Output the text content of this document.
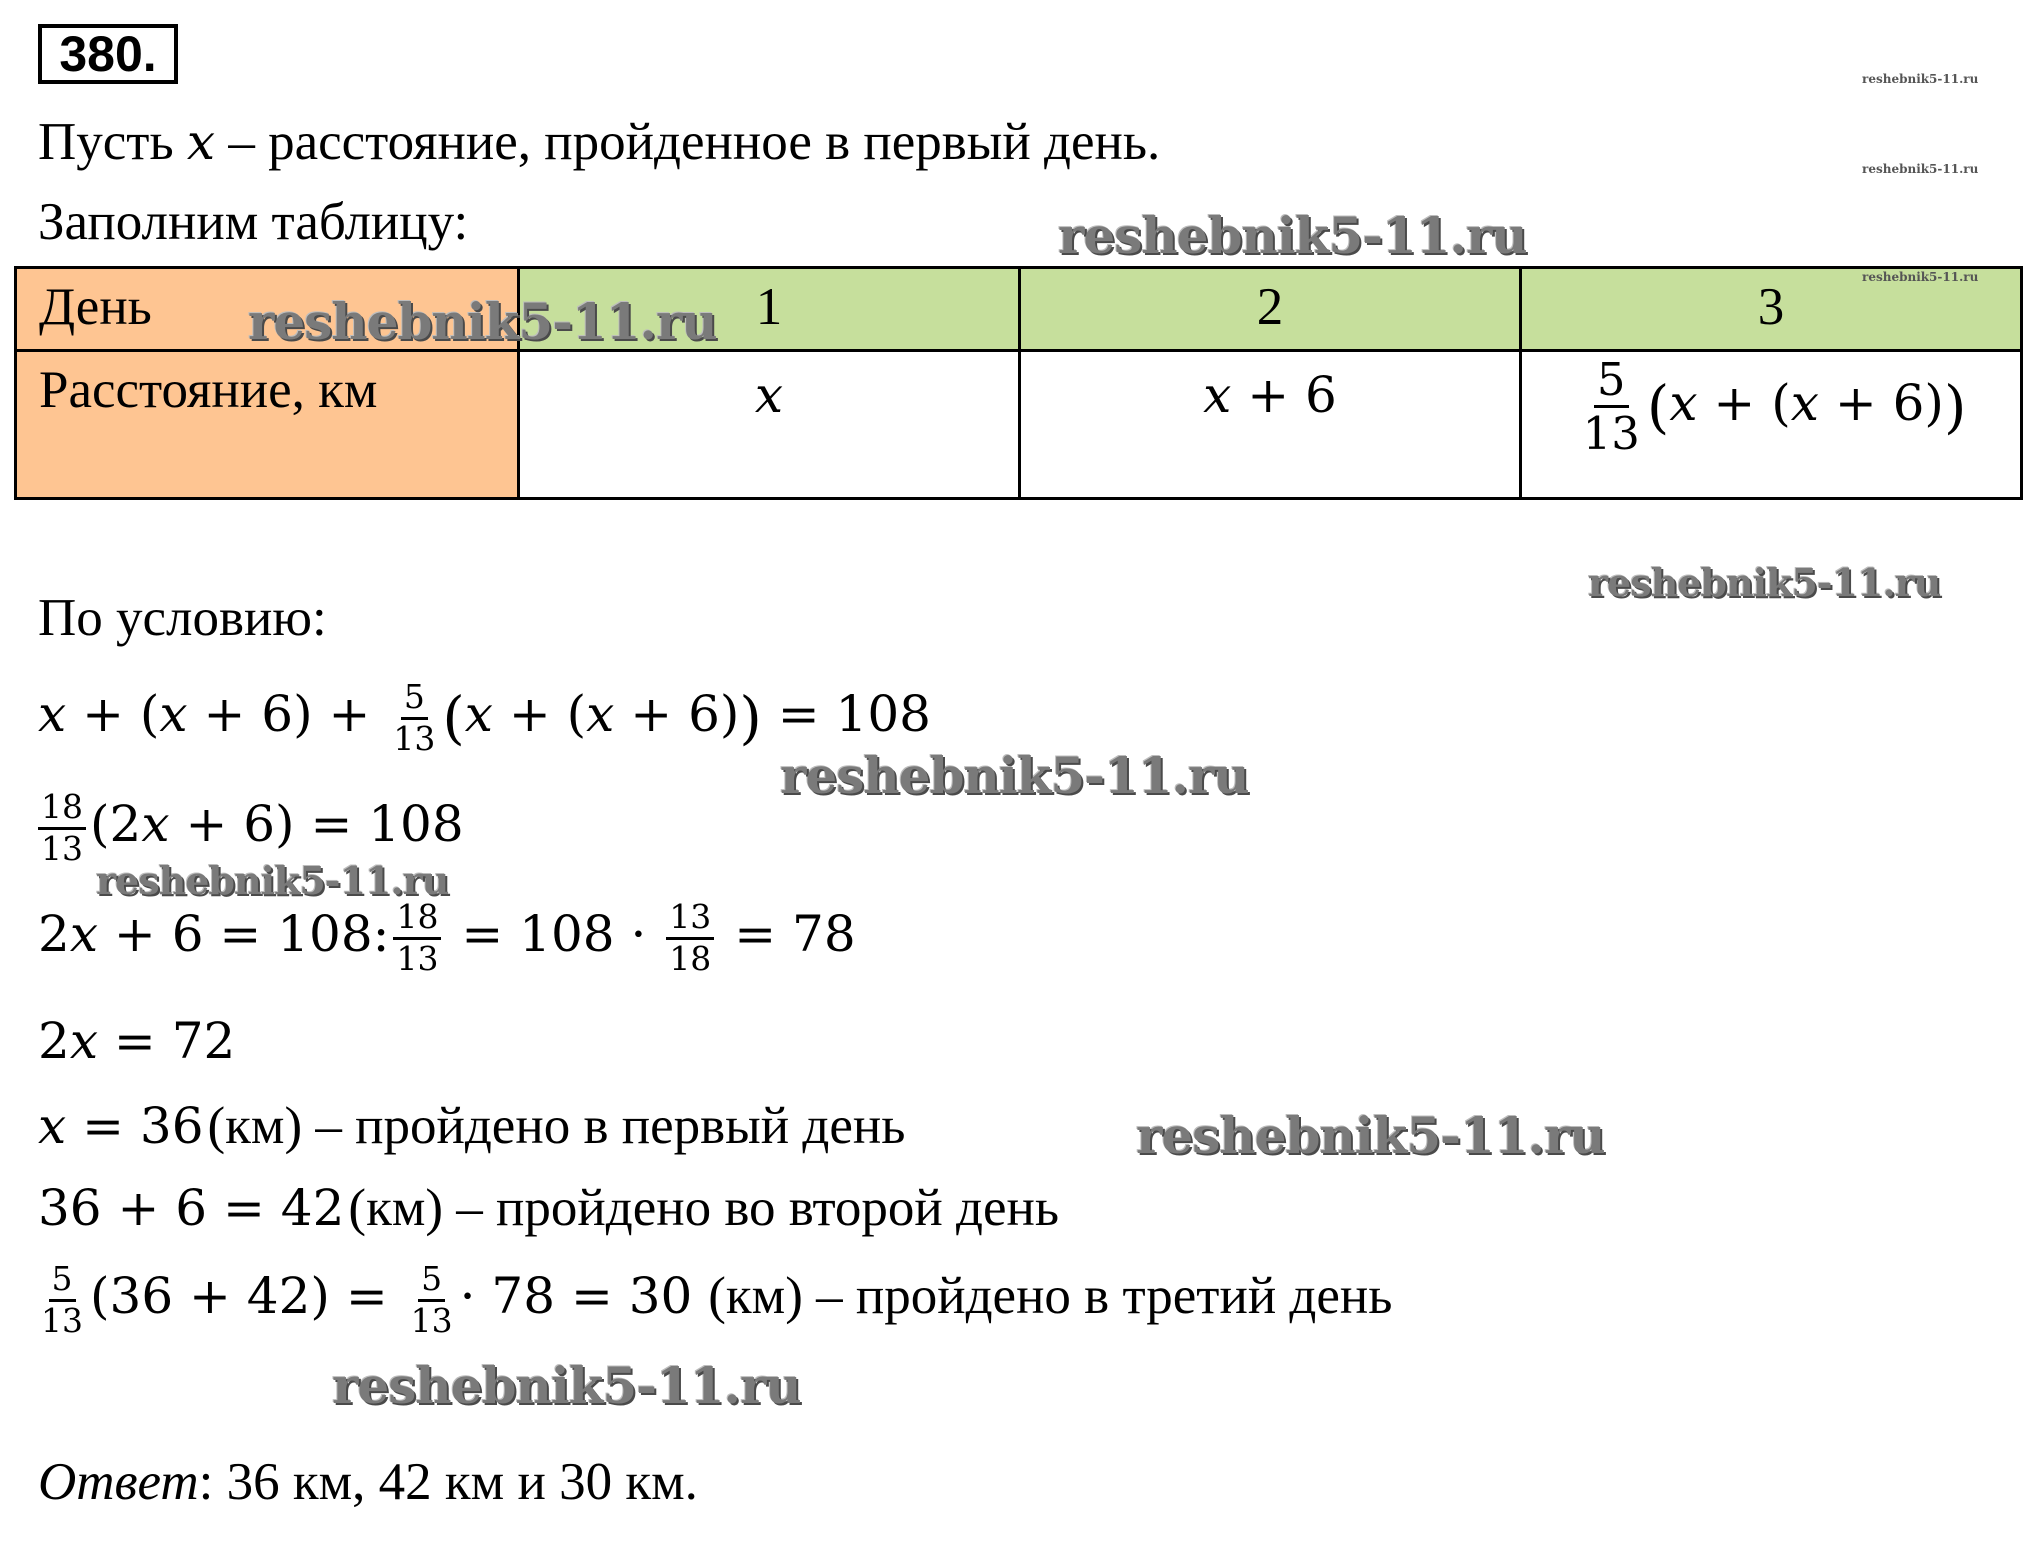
380.
Пусть x – расстояние, пройденное в первый день.
Заполним таблицу:
День	1	2	3

Расстояние, км	x	x + 6	$\frac{5}{13} (x + (x + 6))$
По условию:
$x + (x + 6) + \frac{5}{13} (x + (x + 6)) = 108$
$\frac{18}{13} (2x + 6) = 108$
2x + 6 = 108: $\frac{18}{13} = 108 \cdot \frac{13}{18} = 78$
2x = 72
x = 36 (км) – пройдено в первый день
36 + 6 = 42 (км) – пройдено во второй день
$\frac{5}{13} (36 + 42) = \frac{5}{13} \cdot 78 = 30$ (км) – пройдено в третий день
Ответ: 36 км, 42 км и 30 км.
reshebnik5-11.ru
reshebnik5-11.ru
reshebnik5-11.ru
reshebnik5-11.ru
reshebnik5-11.ru
reshebnik5-11.ru
reshebnik5-11.ru
reshebnik5-11.ru
reshebnik5-11.ru
reshebnik5-11.ru
